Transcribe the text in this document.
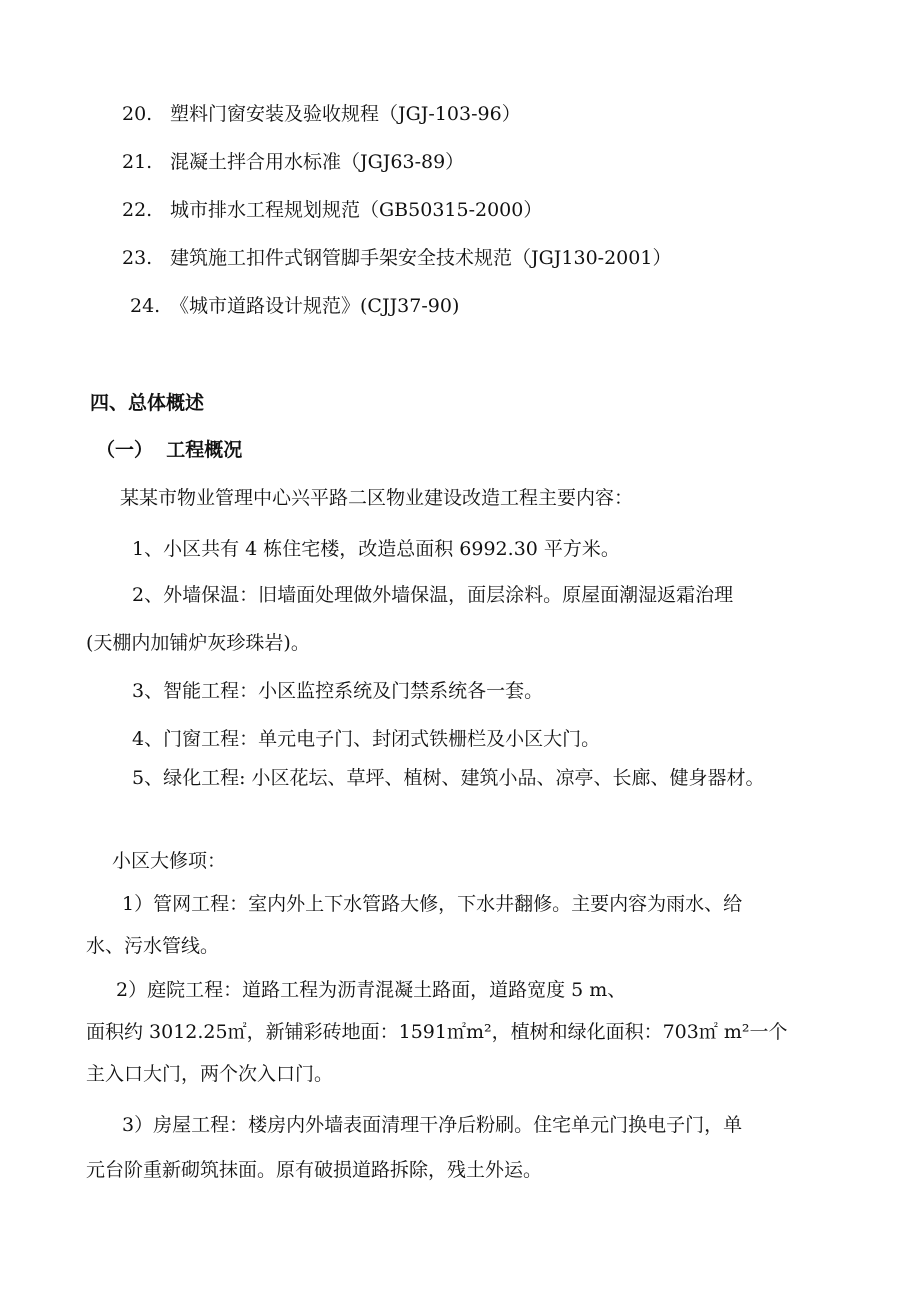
20. 塑料门窗安装及验收规程（JGJ-103-96）
21. 混凝土拌合用水标准（JGJ63-89）
22. 城市排水工程规划规范（GB50315-2000）
23. 建筑施工扣件式钢管脚手架安全技术规范（JGJ130-2001）
24. 《城市道路设计规范》(CJJ37-90)
四、总体概述
（一）  工程概况
某某市物业管理中心兴平路二区物业建设改造工程主要内容：
1、小区共有 4 栋住宅楼，改造总面积 6992.30 平方米。
2、外墙保温：旧墙面处理做外墙保温，面层涂料。原屋面潮湿返霜治理
(天棚内加铺炉灰珍珠岩)。
3、智能工程：小区监控系统及门禁系统各一套。
4、门窗工程：单元电子门、封闭式铁栅栏及小区大门。
5、绿化工程: 小区花坛、草坪、植树、建筑小品、凉亭、长廊、健身器材。
小区大修项：
1）管网工程：室内外上下水管路大修，下水井翻修。主要内容为雨水、给
水、污水管线。
2）庭院工程：道路工程为沥青混凝土路面，道路宽度 5 m、
面积约 3012.25㎡，新铺彩砖地面：1591㎡m²，植树和绿化面积：703㎡ m²一个
主入口大门，两个次入口门。
3）房屋工程：楼房内外墙表面清理干净后粉刷。住宅单元门换电子门，单
元台阶重新砌筑抹面。原有破损道路拆除，残土外运。
